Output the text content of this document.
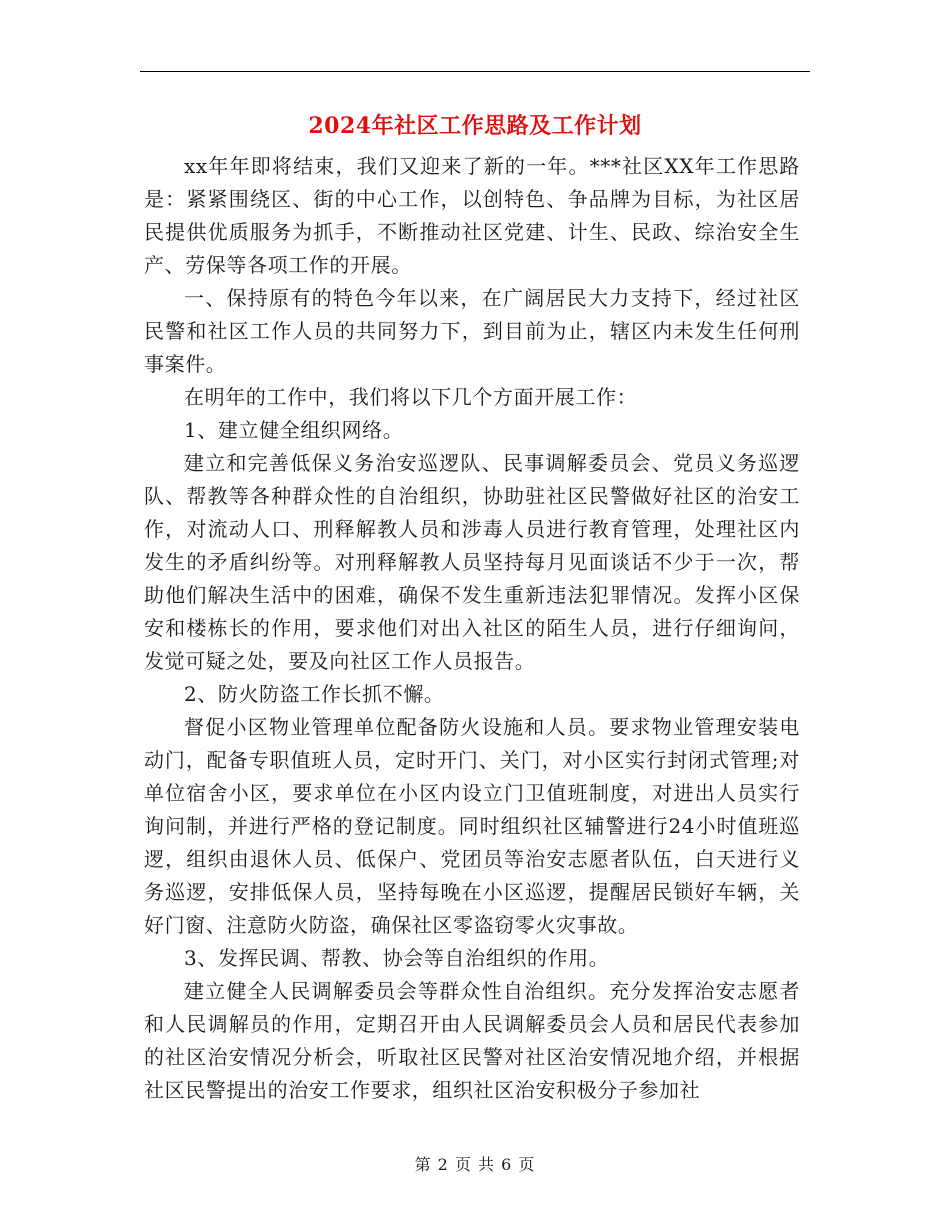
2024年社区工作思路及工作计划

xx年年即将结束，我们又迎来了新的一年。***社区XX年工作思路是：紧紧围绕区、街的中心工作，以创特色、争品牌为目标，为社区居民提供优质服务为抓手，不断推动社区党建、计生、民政、综治安全生产、劳保等各项工作的开展。

一、保持原有的特色今年以来，在广阔居民大力支持下，经过社区民警和社区工作人员的共同努力下，到目前为止，辖区内未发生任何刑事案件。

在明年的工作中，我们将以下几个方面开展工作：

1、建立健全组织网络。

建立和完善低保义务治安巡逻队、民事调解委员会、党员义务巡逻队、帮教等各种群众性的自治组织，协助驻社区民警做好社区的治安工作，对流动人口、刑释解教人员和涉毒人员进行教育管理，处理社区内发生的矛盾纠纷等。对刑释解教人员坚持每月见面谈话不少于一次，帮助他们解决生活中的困难，确保不发生重新违法犯罪情况。发挥小区保安和楼栋长的作用，要求他们对出入社区的陌生人员，进行仔细询问，发觉可疑之处，要及向社区工作人员报告。

2、防火防盗工作长抓不懈。

督促小区物业管理单位配备防火设施和人员。要求物业管理安装电动门，配备专职值班人员，定时开门、关门，对小区实行封闭式管理;对单位宿舍小区，要求单位在小区内设立门卫值班制度，对进出人员实行询问制，并进行严格的登记制度。同时组织社区辅警进行24小时值班巡逻，组织由退休人员、低保户、党团员等治安志愿者队伍，白天进行义务巡逻，安排低保人员，坚持每晚在小区巡逻，提醒居民锁好车辆，关好门窗、注意防火防盗，确保社区零盗窃零火灾事故。

3、发挥民调、帮教、协会等自治组织的作用。

建立健全人民调解委员会等群众性自治组织。充分发挥治安志愿者和人民调解员的作用，定期召开由人民调解委员会人员和居民代表参加的社区治安情况分析会，听取社区民警对社区治安情况地介绍，并根据社区民警提出的治安工作要求，组织社区治安积极分子参加社

第 2 页 共 6 页
